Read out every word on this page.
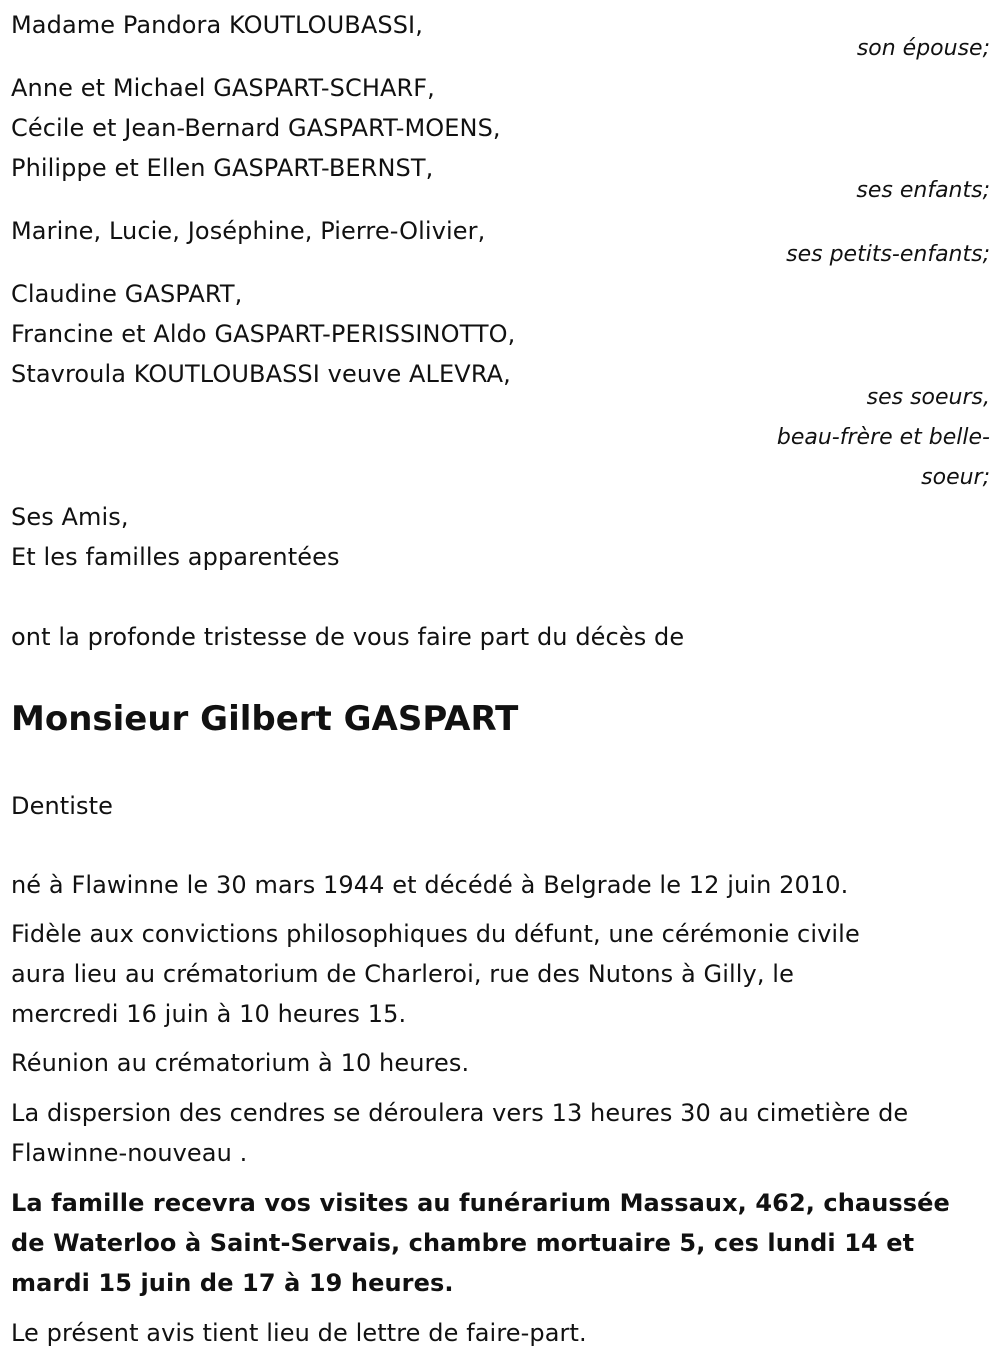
Madame Pandora KOUTLOUBASSI,
son épouse;
Anne et Michael GASPART-SCHARF,
Cécile et Jean-Bernard GASPART-MOENS,
Philippe et Ellen GASPART-BERNST,
ses enfants;
Marine, Lucie, Joséphine, Pierre-Olivier,
ses petits-enfants;
Claudine GASPART,
Francine et Aldo GASPART-PERISSINOTTO,
Stavroula KOUTLOUBASSI veuve ALEVRA,
ses soeurs,
beau-frère et belle-
soeur;
Ses Amis,
Et les familles apparentées
ont la profonde tristesse de vous faire part du décès de
Monsieur Gilbert GASPART
Dentiste
né à Flawinne le 30 mars 1944 et décédé à Belgrade le 12 juin 2010.
Fidèle aux convictions philosophiques du défunt, une cérémonie civile
aura lieu au crématorium de Charleroi, rue des Nutons à Gilly, le
mercredi 16 juin à 10 heures 15.
Réunion au crématorium à 10 heures.
La dispersion des cendres se déroulera vers 13 heures 30 au cimetière de
Flawinne-nouveau .
La famille recevra vos visites au funérarium Massaux, 462, chaussée
de Waterloo à Saint-Servais, chambre mortuaire 5, ces lundi 14 et
mardi 15 juin de 17 à 19 heures.
Le présent avis tient lieu de lettre de faire-part.
